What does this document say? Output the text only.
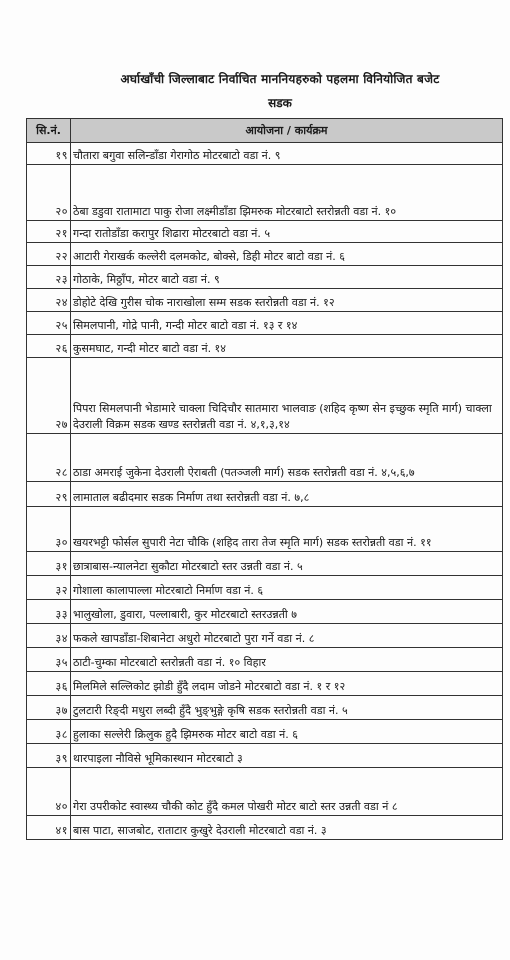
अर्घाखाँची जिल्लाबाट निर्वाचित माननियहरुको पहलमा विनियोजित बजेट
सडक
सि.नं.	आयोजना / कार्यक्रम
१९	चौतारा बगुवा सलिन्डाँडा गेरागोठ मोटरबाटो वडा नं. ९
२०	ठेबा डडुवा रातामाटा पाकु रोजा लक्ष्मीडाँडा झिमरुक मोटरबाटो स्तरोन्नती वडा नं. १०
२१	गन्दा रातोडाँडा करापुर शिढारा मोटरबाटो वडा नं. ५
२२	आटारी गेराखर्क कल्लेरी दलमकोट, बोक्से, डिही मोटर बाटो वडा नं. ६
२३	गोठाके, मिठ्ठाँप, मोटर बाटो वडा नं. ९
२४	डोहोटे देखि गुरीस चोक नाराखोला सम्म सडक स्तरोन्नती वडा नं. १२
२५	सिमलपानी, गोद्रे पानी, गन्दी मोटर बाटो वडा नं. १३ र १४
२६	कुसमघाट, गन्दी मोटर बाटो वडा नं. १४
२७	पिपरा सिमलपानी भेडामारे चाक्ला चिदिचौर सातमारा भालवाङ (शहिद कृष्ण सेन इच्छुक स्मृति मार्ग) चाक्ला देउराली विक्रम सडक खण्ड स्तरोन्नती वडा नं. ४,१,३,१४
२८	ठाडा अमराई जुकेना देउराली ऐराबती (पतञ्जली मार्ग) सडक स्तरोन्नती वडा नं. ४,५,६,७
२९	लामाताल बढीदमार सडक निर्माण तथा स्तरोन्नती वडा नं. ७,८
३०	खयरभट्टी फोर्सल सुपारी नेटा चौकि (शहिद तारा तेज स्मृति मार्ग) सडक स्तरोन्नती वडा नं. ११
३१	छात्राबास-न्यालनेटा सुकौटा मोटरबाटो स्तर उन्नती वडा नं. ५
३२	गोशाला कालापाल्ला मोटरबाटो निर्माण वडा नं. ६
३३	भालुखोला, डुवारा, पल्लाबारी, कुर मोटरबाटो स्तरउन्नती ७
३४	फकले खापडाँडा-शिबानेटा अधुरो मोटरबाटो पुरा गर्ने वडा नं. ८
३५	ठाटी-चुम्का मोटरबाटो स्तरोन्नती वडा नं. १० विहार
३६	मिलमिले सल्लिकोट झोडी हुँदै लदाम जोडने मोटरबाटो वडा नं. १ र १२
३७	टुलटारी रिङ्दी मधुरा लब्दी हुँदै भुङ्भुङ्गे कृषि सडक स्तरोन्नती वडा नं. ५
३८	हुलाका सल्लेरी क्रिलुक हुदै झिमरुक मोटर बाटो वडा नं. ६
३९	थारपाइला नौविसे भूमिकास्थान मोटरबाटो ३
४०	गेरा उपरीकोट स्वास्थ्य चौकी कोट हुँदै कमल पोखरी मोटर बाटो स्तर उन्नती वडा नं ८
४१	बास पाटा, साजबोट, राताटार कुखुरे देउराली मोटरबाटो वडा नं. ३
